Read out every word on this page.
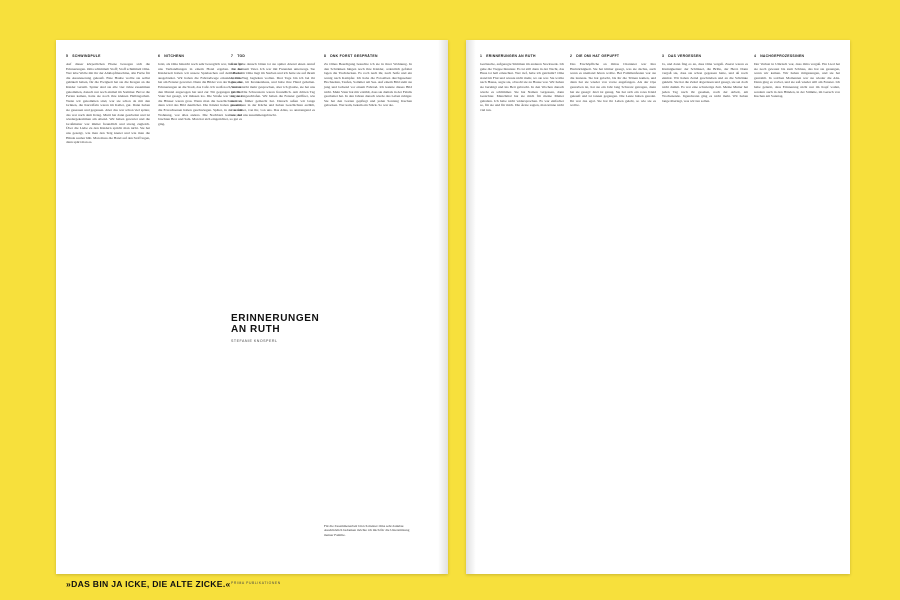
5 SCHWINDPULE
Auf dieser körperlichen Ebene bewegen sich die Erinnerungen. Oma schimmelt Stoff; Stoff schimmelt Oma. Wer lebe Wolle mit ihr der Abklopfmaschine, alle Farbe für die Aussteuerung gekauft. Eine Haube wollte sie selbst gehäkelt haben, für die Ewigkeit hat sie die Kragen an die Kinder verteilt. Später sind sie alle vier Jahre zusammen gekommen, danach nur noch einmal im Sommer. Bevor die Ferien kamen, hatte sie noch ihre kleinen Halbtagarbeit. Wenn wir gekommen sind, war sie schon da mit den Grünen, die Kartoffeln waren im Keller, gut. Dann haben sie gesessen und gegessen. Aber das war schon viel später, das war nach dem Krieg. Mutti hat dann gearbeitet und ist wiedergekommen am Abend. Wir haben gewartet und die Großmutter war immer freundlich und streng zugleich. Über die Liebe zu den Kindern spricht man nicht. Sie hat uns gezeigt, wie man den Teig knetet und wie man die Hände sauber hält. Man muss die Hand auf den Stoff legen, dann spürt man es.
6 NITCHENN
Jetzt, als Oma hinsicht noch sehr beweglich war, ließ es für uns Verhandlungen in einem Hotel ergeben. In der Kinderzeit haben wir unsere Spielsachen auf dem Boden ausgebreitet. Wir haben die Fahrradwege erkundet, Oma hat am Fenster gewartet. Dann die Bilder von der Reise, die Erinnerungen an die Stadt, das Café. Ich weiß noch, wie sie den Mantel angezogen hat und zur Tür gegangen ist. Der Vater hat gesagt, wir müssen los. Die Straße war lang und die Häuser waren grau. Wenn man die Geschichten hört, dann wird das Bild deutlicher. Die Kinder haben geweint, die Erwachsenen haben geschwiegen. Später, in der neuen Wohnung, war alles anders. Die Nachbarn kamen und brachten Brot und Salz. Man hat sich eingerichtet, so gut es ging.
7 TOD
Jetzt gehe danach bitten ist sie spüter Abend einen Anruf von meinem Vater. Ich war mit Freunden unterwegs. Sie haben mir Oma liegt im Sterben und ich hatte sie auf ihrem letzten Weg begleiten wollen. Drei Tage bin ich bei ihr gewesen, im Krankenhaus, und habe ihre Hand gehalten. Sie hat nicht mehr gesprochen, aber ich glaube, sie hat uns gehört. Die Schwestern waren freundlich. Am dritten Tag ist sie eingeschlafen. Wir haben die Fenster geöffnet, wie man es früher gemacht hat. Danach saßen wir lange zusammen in der Küche und haben Geschichten erzählt, von früher, von ihr, von uns. Das Alles, so anstrengend es war, hat uns zusammengebracht.
8 DNK FORST GESPRÄTEN
Zu Omas Beerdigung besuchte ich sie in ihrer Wohnung. In den Schränken hingen noch ihre Kleider, ordentlich gefaltet lagen die Tischdecken. Es roch nach ihr, nach Seife und ein wenig nach Kampfer. Ich habe die Fotoalben durchgesehen: Hochzeiten, Taufen, Sommer am See. Auf einem Bild steht sie jung und lachend vor einem Fahrrad. Ich kannte dieses Bild nicht. Mein Vater hat mir erzählt, dass sie damals in der Fabrik gearbeitet hat. In den Jahren danach wurde das Leben ruhiger. Sie hat den Garten gepflegt und jeden Sonntag Kuchen gebacken. Wer kam, bekam ein Stück. So war sie.
ERINNERUNGEN AN RUTH
STEFANIE KNOSPERL
Für die Zusammenarbeit bin ich meiner Oma sehr dankbar. Ausdrücklich bedanken möchte ich mich für die Unterstützung meiner Familie.
»DAS BIN JA ICKE, DIE ALTE ZICKE.« PRIMA PUBLIKATIONEN
1 ERINNERUNGEN AN RUTH
Geräusche, aufgeregte Stimmen im anderen Stockwerk. Ich gehe die Treppe hinunter. Es ist still dann in der Nacht, das Haus ist hell erleuchtet. Wer rief, habe ich geträumt? Oma stand im Flur und wusste nicht mehr, wo sie war. Sie wollte nach Hause, sagte sie, obwohl sie zu Hause war. Wir haben sie beruhigt und ins Bett gebracht. In den Wochen danach wurde es schlimmer. Sie hat Namen vergessen, dann Gesichter. Manchmal hat sie mich für meine Mutter gehalten. Ich habe nicht widersprochen. Es war einfacher so, für sie und für mich. Die Ärzte sagten, man könne nicht viel tun.
2 DIE OMI HAT GEPUFFT
Das Erschöpfliche an Omas Charakter war ihre Hartnäckigkeit. Sie hat immer gesagt, was sie dachte, auch wenn es niemand hören wollte. Bei Familienfesten war sie die lauteste. Sie hat gelacht, bis ihr die Tränen kamen, und dann hat sie wieder von vorne angefangen. Als der Opa gestorben ist, hat sie ein Jahr lang Schwarz getragen, dann hat sie gesagt: Jetzt ist genug. Sie hat sich ein rotes Kleid gekauft und ist tanzen gegangen. Die Leute haben geredet. Ihr war das egal. Sie hat ihr Leben gelebt, so wie sie es wollte.
3 DAS VERGESSEN
Ja, und dann fing es an, dass Oma vergaß. Zuerst waren es Kleinigkeiten: der Schlüssel, die Brille, der Herd. Dann vergaß sie, dass sie schon gegessen hatte, und aß noch einmal. Wir haben Zettel geschrieben und an die Schränke geklebt. Sie hat die Zettel abgerissen und gesagt, sie sei doch nicht dumm. Es war eine schwierige Zeit. Meine Mutter hat jeden Tag nach ihr gesehen, nach der Arbeit, am Wochenende. Irgendwann ging es nicht mehr. Wir haben lange überlegt, was wir tun sollen.
4 NACHGEPROZESSINEN
Der Verlust in Umrisch war, dass Oma vergaß. Ein Lied hat sie noch gewusst bis zum Schluss, das hat sie gesungen, wenn wir kamen. Wir haben mitgesungen, und sie hat gestrahlt. In solchen Momenten war sie wieder die Alte. Dann ging es vorbei, und sie saß wieder still am Fenster. Ich habe gelernt, dass Erinnerung nicht nur im Kopf wohnt, sondern auch in den Händen, in der Stimme, im Geruch von Kuchen am Sonntag.
